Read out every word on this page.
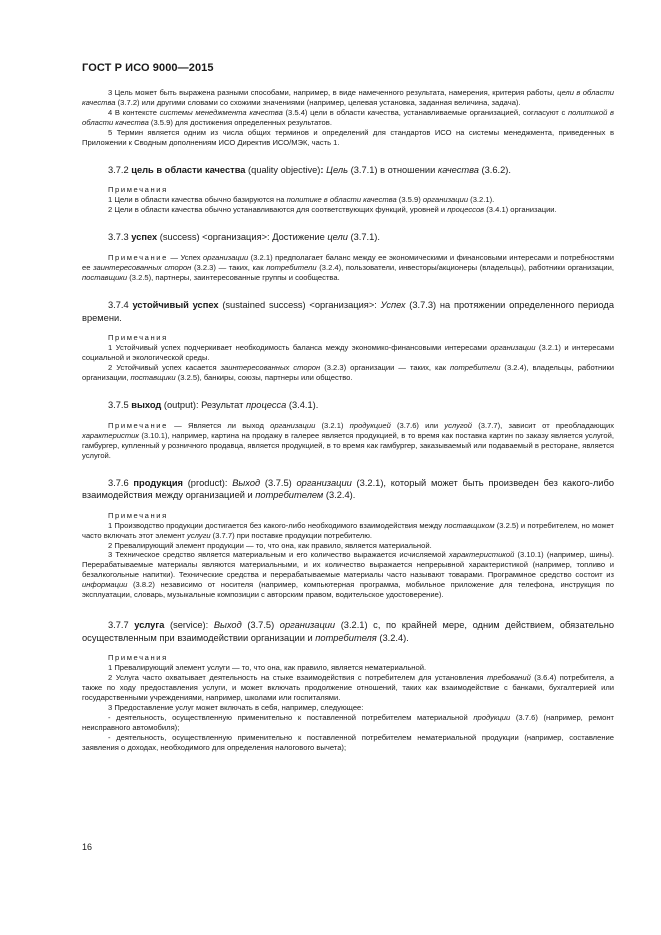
ГОСТ Р ИСО 9000—2015

3 Цель может быть выражена разными способами, например, в виде намеченного результата, намерения, критерия работы, цели в области качества (3.7.2) или другими словами со схожими значениями (например, целевая установка, заданная величина, задача).

4 В контексте системы менеджмента качества (3.5.4) цели в области качества, устанавливаемые организацией, согласуют с политикой в области качества (3.5.9) для достижения определенных результатов.

5 Термин является одним из числа общих терминов и определений для стандартов ИСО на системы менеджмента, приведенных в Приложении к Сводным дополнениям ИСО Директив ИСО/МЭК, часть 1.

3.7.2 цель в области качества (quality objective): Цель (3.7.1) в отношении качества (3.6.2).

Примечания

1 Цели в области качества обычно базируются на политике в области качества (3.5.9) организации (3.2.1).

2 Цели в области качества обычно устанавливаются для соответствующих функций, уровней и процессов (3.4.1) организации.

3.7.3 успех (success) <организация>: Достижение цели (3.7.1).

Примечание — Успех организации (3.2.1) предполагает баланс между ее экономическими и финансовыми интересами и потребностями ее заинтересованных сторон (3.2.3) — таких, как потребители (3.2.4), пользователи, инвесторы/акционеры (владельцы), работники организации, поставщики (3.2.5), партнеры, заинтересованные группы и сообщества.

3.7.4 устойчивый успех (sustained success) <организация>: Успех (3.7.3) на протяжении определенного периода времени.

Примечания

1 Устойчивый успех подчеркивает необходимость баланса между экономико-финансовыми интересами организации (3.2.1) и интересами социальной и экологической среды.

2 Устойчивый успех касается заинтересованных сторон (3.2.3) организации — таких, как потребители (3.2.4), владельцы, работники организации, поставщики (3.2.5), банкиры, союзы, партнеры или общество.

3.7.5 выход (output): Результат процесса (3.4.1).

Примечание — Является ли выход организации (3.2.1) продукцией (3.7.6) или услугой (3.7.7), зависит от преобладающих характеристик (3.10.1), например, картина на продажу в галерее является продукцией, в то время как поставка картин по заказу является услугой, гамбургер, купленный у розничного продавца, является продукцией, в то время как гамбургер, заказываемый или подаваемый в ресторане, является услугой.

3.7.6 продукция (product): Выход (3.7.5) организации (3.2.1), который может быть произведен без какого-либо взаимодействия между организацией и потребителем (3.2.4).

Примечания

1 Производство продукции достигается без какого-либо необходимого взаимодействия между поставщиком (3.2.5) и потребителем, но может часто включать этот элемент услуги (3.7.7) при поставке продукции потребителю.

2 Превалирующий элемент продукции — то, что она, как правило, является материальной.

3 Техническое средство является материальным и его количество выражается исчисляемой характеристикой (3.10.1) (например, шины). Перерабатываемые материалы являются материальными, и их количество выражается непрерывной характеристикой (например, топливо и безалкогольные напитки). Технические средства и перерабатываемые материалы часто называют товарами. Программное средство состоит из информации (3.8.2) независимо от носителя (например, компьютерная программа, мобильное приложение для телефона, инструкция по эксплуатации, словарь, музыкальные композиции с авторским правом, водительское удостоверение).

3.7.7 услуга (service): Выход (3.7.5) организации (3.2.1) с, по крайней мере, одним действием, обязательно осуществленным при взаимодействии организации и потребителя (3.2.4).

Примечания

1 Превалирующий элемент услуги — то, что она, как правило, является нематериальной.

2 Услуга часто охватывает деятельность на стыке взаимодействия с потребителем для установления требований (3.6.4) потребителя, а также по ходу предоставления услуги, и может включать продолжение отношений, таких как взаимодействие с банками, бухгалтерией или государственными учреждениями, например, школами или госпиталями.

3 Предоставление услуг может включать в себя, например, следующее:

- деятельность, осуществленную применительно к поставленной потребителем материальной продукции (3.7.6) (например, ремонт неисправного автомобиля);

- деятельность, осуществленную применительно к поставленной потребителем нематериальной продукции (например, составление заявления о доходах, необходимого для определения налогового вычета);

16
